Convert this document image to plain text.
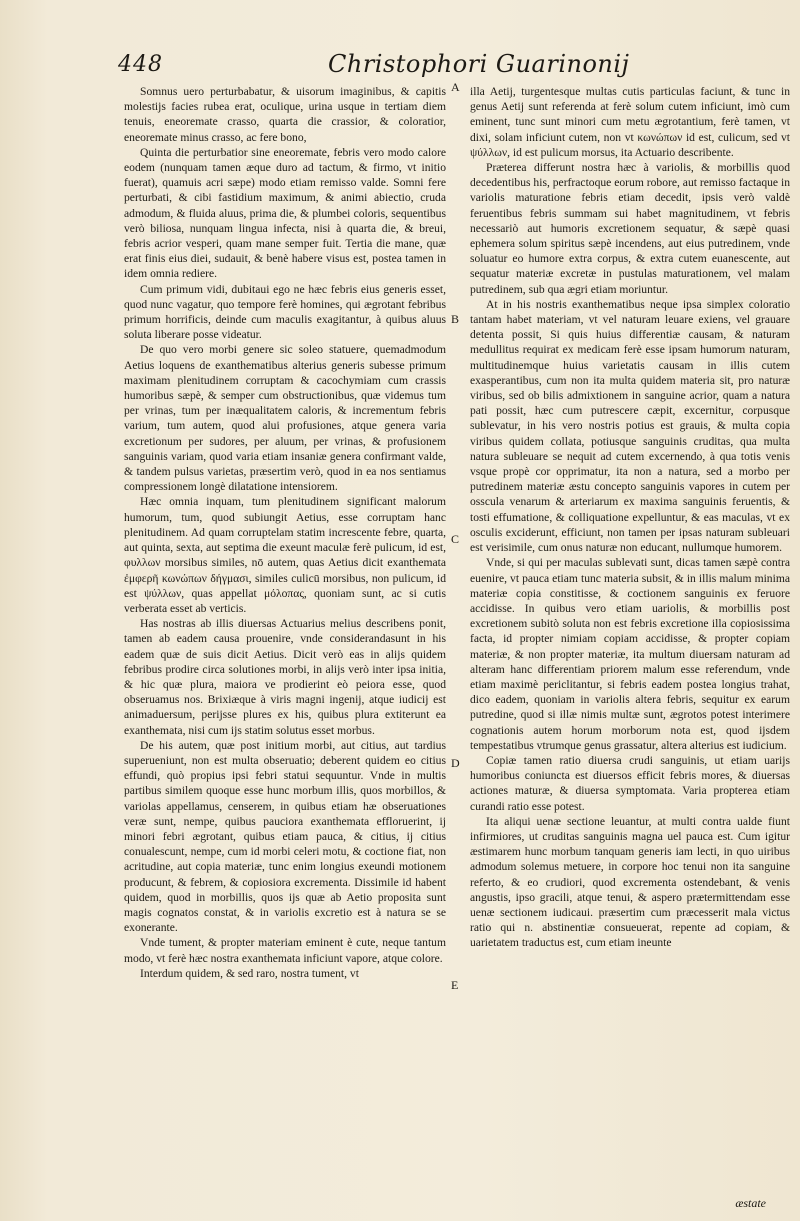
448	Christophori Guarinonij

Somnus uero perturbabatur, & uisorum imaginibus, & capitis molestijs facies rubea erat, oculique, urina usque in tertiam diem tenuis, eneoremate crasso, quarta die crassior, & coloratior, eneoremate minus crasso, ac fere bono,

Quinta die perturbatior sine eneoremate, febris vero modo calore eodem (nunquam tamen æque duro ad tactum, & firmo, vt initio fuerat), quamuis acri sæpe) modo etiam remisso valde. Somni fere perturbati, & cibi fastidium maximum, & animi abiectio, cruda admodum, & fluida aluus, prima die, & plumbei coloris, sequentibus verò biliosa, nunquam lingua infecta, nisi à quarta die, & breui, febris acrior vesperi, quam mane semper fuit. Tertia die mane, quæ erat finis eius diei, sudauit, & benè habere visus est, postea tamen in idem omnia rediere.

Cum primum vidi, dubitaui ego ne hæc febris eius generis esset, quod nunc vagatur, quo tempore ferè homines, qui ægrotant febribus primum horrificis, deinde cum maculis exagitantur, à quibus aluus soluta liberare posse videatur.

De quo vero morbi genere sic soleo statuere, quemadmodum Aetius loquens de exanthematibus alterius generis subesse primum maximam plenitudinem corruptam & cacochymiam cum crassis humoribus sæpè, & semper cum obstructionibus, quæ videmus tum per vrinas, tum per inæqualitatem caloris, & incrementum febris varium, tum autem, quod alui profusiones, atque genera varia excretionum per sudores, per aluum, per vrinas, & profusionem sanguinis variam, quod varia etiam insaniæ genera confirmant valde, & tandem pulsus varietas, præsertim verò, quod in ea nos sentiamus compressionem longè dilatatione intensiorem.

Hæc omnia inquam, tum plenitudinem significant malorum humorum, tum, quod subiungit Aetius, esse corruptam hanc plenitudinem. Ad quam corruptelam statim increscente febre, quarta, aut quinta, sexta, aut septima die exeunt maculæ ferè pulicum, id est, φυλλων morsibus similes, nō autem, quas Aetius dicit exanthemata ἐμφερῆ κωνώπων δήγμασι, similes culicū morsibus, non pulicum, id est ψύλλων, quas appellat μόλοπας, quoniam sunt, ac si cutis verberata esset ab verticis.

Has nostras ab illis diuersas Actuarius melius describens ponit, tamen ab eadem causa prouenire, vnde considerandasunt in his eadem quæ de suis dicit Aetius. Dicit verò eas in alijs quidem febribus prodire circa solutiones morbi, in alijs verò inter ipsa initia, & hic quæ plura, maiora ve prodierint eò peiora esse, quod obseruamus nos. Brixiæque à viris magni ingenij, atque iudicij est animaduersum, perijsse plures ex his, quibus plura extiterunt ea exanthemata, nisi cum ijs statim solutus esset morbus.

De his autem, quæ post initium morbi, aut citius, aut tardius superueniunt, non est multa obseruatio; deberent quidem eo citius effundi, quò propius ipsi febri statui sequuntur. Vnde in multis partibus similem quoque esse hunc morbum illis, quos morbillos, & variolas appellamus, censerem, in quibus etiam hæ obseruationes veræ sunt, nempe, quibus pauciora exanthemata effloruerint, ij minori febri ægrotant, quibus etiam pauca, & citius, ij citius conualescunt, nempe, cum id morbi celeri motu, & coctione fiat, non acritudine, aut copia materiæ, tunc enim longius exeundi motionem producunt, & febrem, & copiosiora excrementa. Dissimile id habent quidem, quod in morbillis, quos ijs quæ ab Aetio proposita sunt magis cognatos constat, & in variolis excretio est à natura se se exonerante.

Vnde tument, & propter materiam eminent è cute, neque tantum modo, vt ferè hæc nostra exanthemata inficiunt vapore, atque colore.

Interdum quidem, & sed raro, nostra tument, vt

A
B
C
D
E

illa Aetij, turgentesque multas cutis particulas faciunt, & tunc in genus Aetij sunt referenda at ferè solum cutem inficiunt, imò cum eminent, tunc sunt minori cum metu ægrotantium, ferè tamen, vt dixi, solam inficiunt cutem, non vt κωνώπων id est, culicum, sed vt ψύλλων, id est pulicum morsus, ita Actuario describente.

Præterea differunt nostra hæc à variolis, & morbillis quod decedentibus his, perfractoque eorum robore, aut remisso factaque in variolis maturatione febris etiam decedit, ipsis verò valdè feruentibus febris summam sui habet magnitudinem, vt febris necessariò aut humoris excretionem sequatur, & sæpè quasi ephemera solum spiritus sæpè incendens, aut eius putredinem, vnde soluatur eo humore extra corpus, & extra cutem euanescente, aut sequatur materiæ excretæ in pustulas maturationem, vel malam putredinem, sub qua ægri etiam moriuntur.

At in his nostris exanthematibus neque ipsa simplex coloratio tantam habet materiam, vt vel naturam leuare exiens, vel grauare detenta possit, Si quis huius differentiæ causam, & naturam medullitus requirat ex medicam ferè esse ipsam humorum naturam, multitudinemque huius varietatis causam in illis cutem exasperantibus, cum non ita multa quidem materia sit, pro naturæ viribus, sed ob bilis admixtionem in sanguine acrior, quam a natura pati possit, hæc cum putrescere cæpit, excernitur, corpusque sublevatur, in his vero nostris potius est grauis, & multa copia viribus quidem collata, potiusque sanguinis cruditas, qua multa natura subleuare se nequit ad cutem excernendo, à qua totis venis vsque propè cor opprimatur, ita non a natura, sed a morbo per putredinem materiæ æstu concepto sanguinis vapores in cutem per osscula venarum & arteriarum ex maxima sanguinis feruentis, & tosti effumatione, & colliquatione expelluntur, & eas maculas, vt ex osculis exciderunt, efficiunt, non tamen per ipsas naturam subleuari est verisimile, cum onus naturæ non educant, nullumque humorem.

Vnde, si qui per maculas sublevati sunt, dicas tamen sæpè contra euenire, vt pauca etiam tunc materia subsit, & in illis malum minima materiæ copia constitisse, & coctionem sanguinis ex feruore accidisse. In quibus vero etiam uariolis, & morbillis post excretionem subitò soluta non est febris excretione illa copiosissima facta, id propter nimiam copiam accidisse, & propter copiam materiæ, & non propter materiæ, ita multum diuersam naturam ad alteram hanc differentiam priorem malum esse referendum, vnde etiam maximè periclitantur, si febris eadem postea longius trahat, dico eadem, quoniam in variolis altera febris, sequitur ex earum putredine, quod si illæ nimis multæ sunt, ægrotos potest interimere cognationis autem horum morborum nota est, quod ijsdem tempestatibus vtrumque genus grassatur, altera alterius est iudicium.

Copiæ tamen ratio diuersa crudi sanguinis, ut etiam uarijs humoribus coniuncta est diuersos efficit febris mores, & diuersas actiones maturæ, & diuersa symptomata. Varia propterea etiam curandi ratio esse potest.

Ita aliqui uenæ sectione leuantur, at multi contra ualde fiunt infirmiores, ut cruditas sanguinis magna uel pauca est. Cum igitur æstimarem hunc morbum tanquam generis iam lecti, in quo uiribus admodum solemus metuere, in corpore hoc tenui non ita sanguine referto, & eo crudiori, quod excrementa ostendebant, & venis angustis, ipso gracili, atque tenui, & aspero prætermittendam esse uenæ sectionem iudicaui. præsertim cum præcesserit mala victus ratio qui n. abstinentiæ consueuerat, repente ad copiam, & uarietatem traductus est, cum etiam ineunte

æstate
